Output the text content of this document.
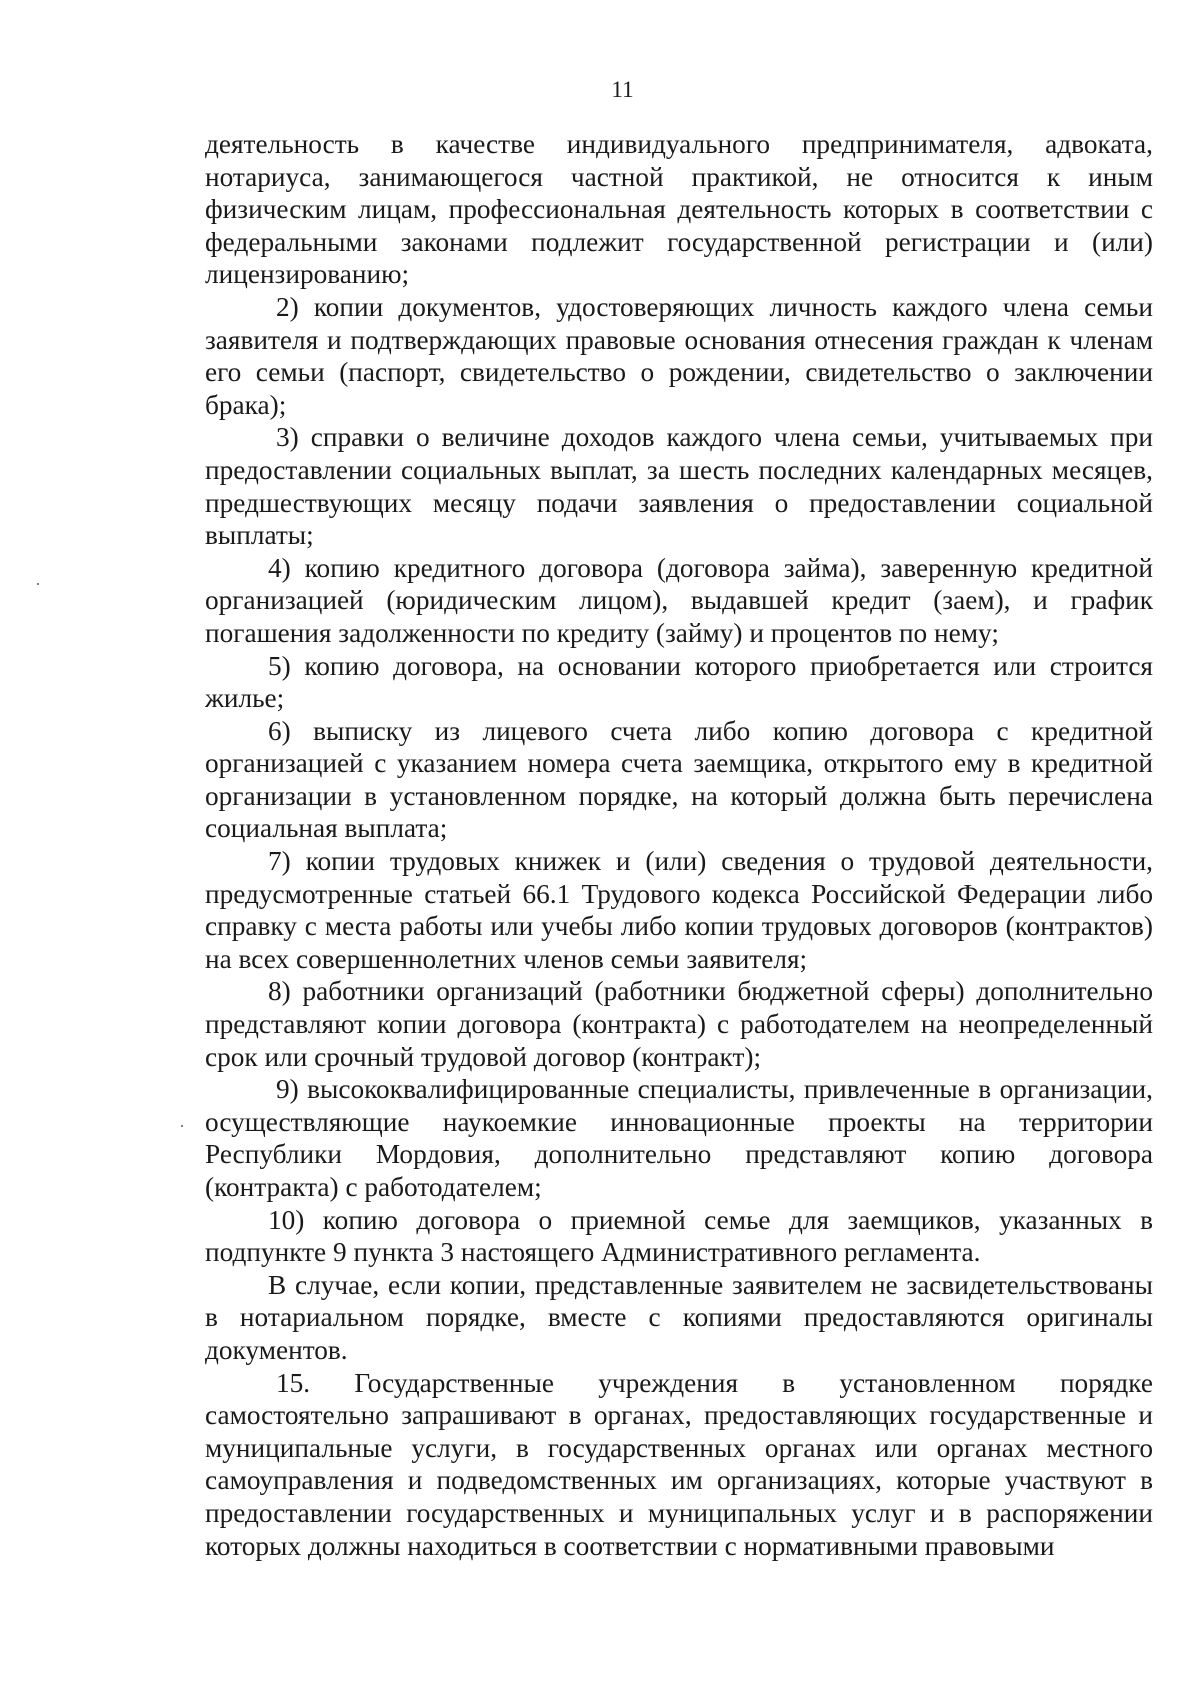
11

деятельность в качестве индивидуального предпринимателя, адвоката, нотариуса, занимающегося частной практикой, не относится к иным физическим лицам, профессиональная деятельность которых в соответствии с федеральными законами подлежит государственной регистрации и (или) лицензированию;

2) копии документов, удостоверяющих личность каждого члена семьи заявителя и подтверждающих правовые основания отнесения граждан к членам его семьи (паспорт, свидетельство о рождении, свидетельство о заключении брака);

3) справки о величине доходов каждого члена семьи, учитываемых при предоставлении социальных выплат, за шесть последних календарных месяцев, предшествующих месяцу подачи заявления о предоставлении социальной выплаты;

4) копию кредитного договора (договора займа), заверенную кредитной организацией (юридическим лицом), выдавшей кредит (заем), и график погашения задолженности по кредиту (займу) и процентов по нему;

5) копию договора, на основании которого приобретается или строится жилье;

6) выписку из лицевого счета либо копию договора с кредитной организацией с указанием номера счета заемщика, открытого ему в кредитной организации в установленном порядке, на который должна быть перечислена социальная выплата;

7) копии трудовых книжек и (или) сведения о трудовой деятельности, предусмотренные статьей 66.1 Трудового кодекса Российской Федерации либо справку с места работы или учебы либо копии трудовых договоров (контрактов) на всех совершеннолетних членов семьи заявителя;

8) работники организаций (работники бюджетной сферы) дополнительно представляют копии договора (контракта) с работодателем на неопределенный срок или срочный трудовой договор (контракт);

9) высококвалифицированные специалисты, привлеченные в организации, осуществляющие наукоемкие инновационные проекты на территории Республики Мордовия, дополнительно представляют копию договора (контракта) с работодателем;

10) копию договора о приемной семье для заемщиков, указанных в подпункте 9 пункта 3 настоящего Административного регламента.

В случае, если копии, представленные заявителем не засвидетельствованы в нотариальном порядке, вместе с копиями предоставляются оригиналы документов.

15. Государственные учреждения в установленном порядке самостоятельно запрашивают в органах, предоставляющих государственные и муниципальные услуги, в государственных органах или органах местного самоуправления и подведомственных им организациях, которые участвуют в предоставлении государственных и муниципальных услуг и в распоряжении которых должны находиться в соответствии с нормативными правовыми
